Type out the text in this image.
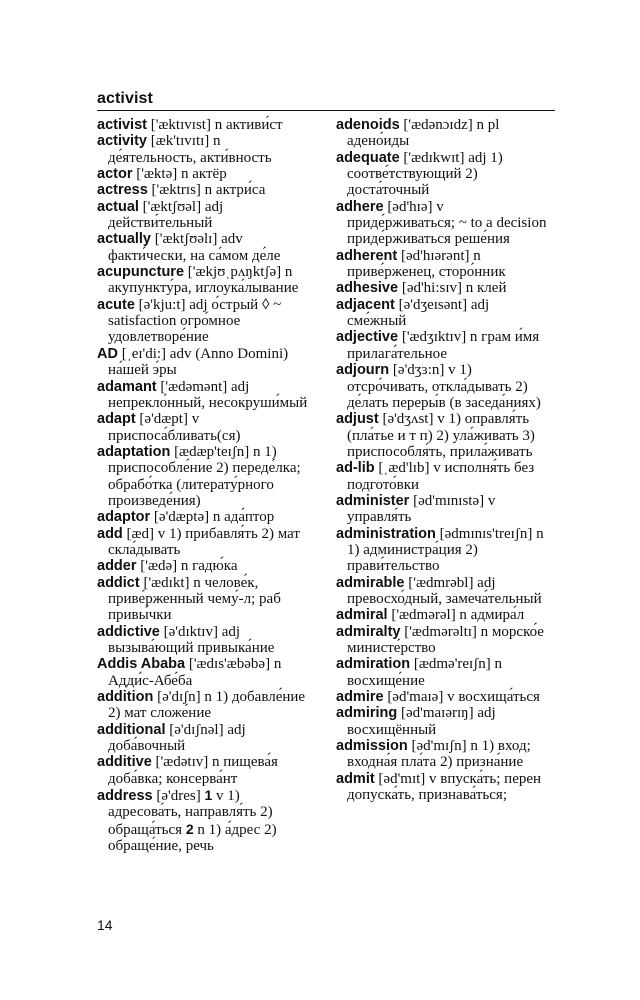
activist
activist ['æktɪvɪst] n активи́ст
activity [æk'tɪvɪtɪ] n де́ятельность, акти́вность
actor ['æktə] n актёр
actress ['æktrɪs] n актри́са
actual ['æktʃʊəl] adj действи́тельный
actually ['æktʃʊəlɪ] adv факти́чески, на са́мом де́ле
acupuncture ['ækjʊˌpʌŋktʃə] n акупункту́ра, иглоука́лывание
acute [ə'kju:t] adj о́стрый ◊ ~ satisfaction огро́мное удовлетворе́ние
AD [ˌeɪ'di:] adv (Anno Domini) на́шей э́ры
adamant ['ædəmənt] adj непрекло́нный, несокруши́мый
adapt [ə'dæpt] v приспоса́бливать(ся)
adaptation [ædæp'teɪʃn] n 1) приспособле́ние 2) переде́лка; обрабо́тка (литерату́рного произведе́ния)
adaptor [ə'dæptə] n ада́птор
add [æd] v 1) прибавля́ть 2) мат скла́дывать
adder ['ædə] n гадю́ка
addict ['ædɪkt] n челове́к, приве́рженный чему́-л; раб привы́чки
addictive [ə'dɪktɪv] adj вызыва́ющий привыка́ние
Addis Ababa ['ædɪs'æbəbə] n Адди́с-Абе́ба
addition [ə'dɪʃn] n 1) добавле́ние 2) мат сложе́ние
additional [ə'dɪʃnəl] adj доба́вочный
additive ['ædətɪv] n пищева́я доба́вка; консерва́нт
address [ə'dres] 1 v 1) адресова́ть, направля́ть 2) обраща́ться 2 n 1) а́дрес 2) обраще́ние, речь
adenoids ['ædənɔɪdz] n pl адено́иды
adequate ['ædɪkwɪt] adj 1) соотве́тствующий 2) доста́точный
adhere [əd'hɪə] v приде́рживаться; ~ to a decision приде́рживаться реше́ния
adherent [əd'hɪərənt] n приве́рженец, сторо́нник
adhesive [əd'hi:sɪv] n клей
adjacent [ə'dʒeɪsənt] adj сме́жный
adjective ['ædʒɪktɪv] n грам и́мя прилага́тельное
adjourn [ə'dʒɜ:n] v 1) отсро́чивать, откла́дывать 2) де́лать переры́в (в заседа́ниях)
adjust [ə'dʒʌst] v 1) оправля́ть (пла́тье и т п) 2) ула́живать 3) приспособля́ть, прила́живать
ad-lib [ˌæd'lɪb] v исполня́ть без подгото́вки
administer [əd'mɪnɪstə] v управля́ть
administration [ədmɪnɪs'treɪʃn] n 1) администра́ция 2) прави́тельство
admirable ['ædmrəbl] adj превосхо́дный, замеча́тельный
admiral ['ædmərəl] n адмира́л
admiralty ['ædmərəltɪ] n морско́е министе́рство
admiration [ædmə'reɪʃn] n восхище́ние
admire [əd'maɪə] v восхища́ться
admiring [əd'maɪərɪŋ] adj восхищённый
admission [əd'mɪʃn] n 1) вход; входна́я пла́та 2) призна́ние
admit [əd'mɪt] v впуска́ть; перен допуска́ть, признава́ться;
14
